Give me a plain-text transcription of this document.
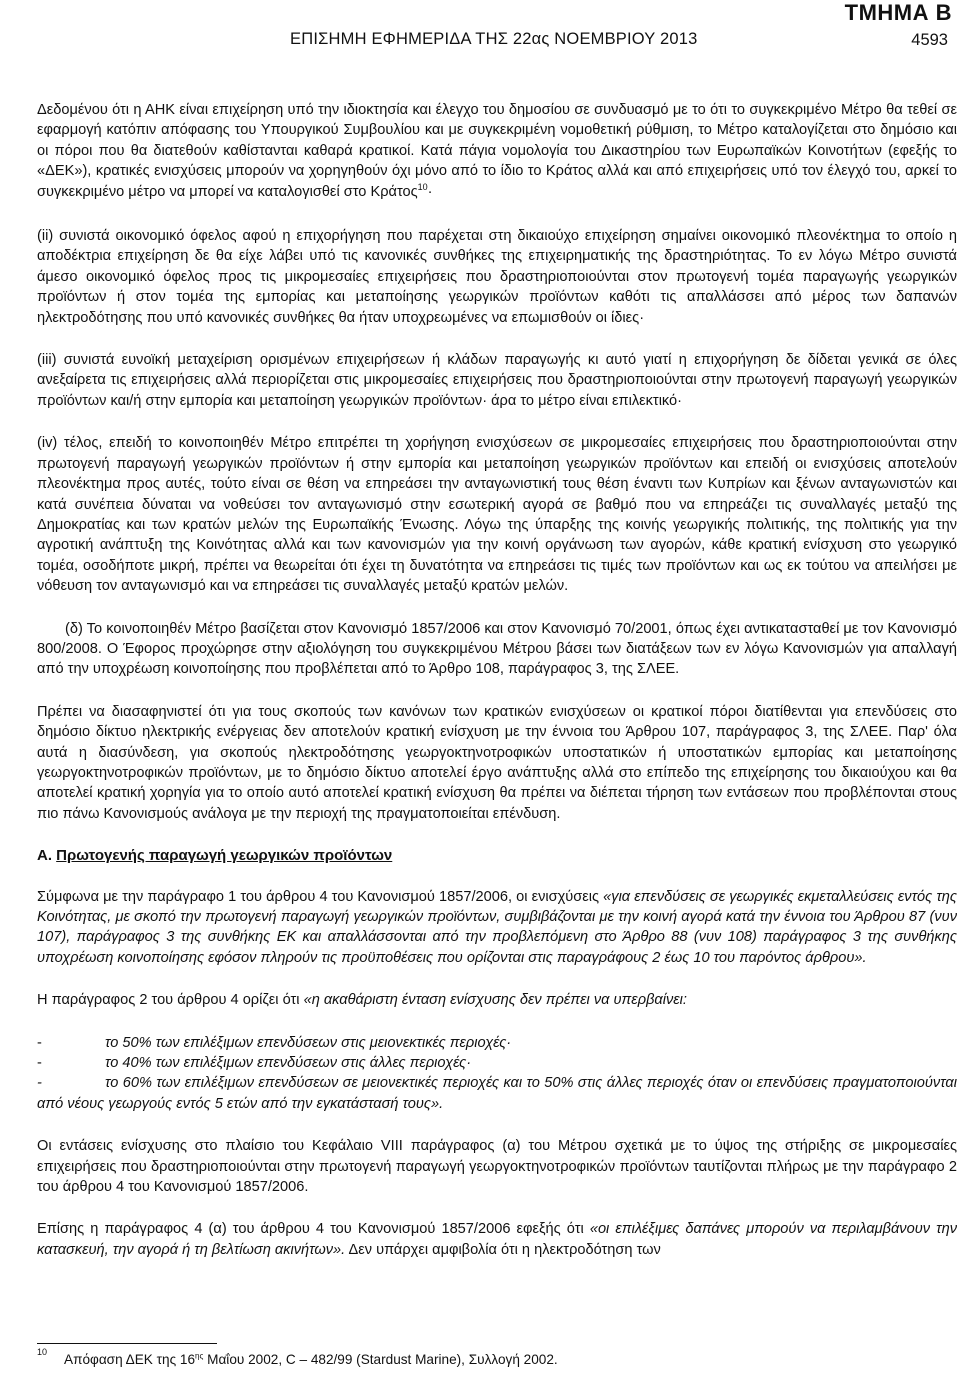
ΤΜΗΜΑ Β
ΕΠΙΣΗΜΗ ΕΦΗΜΕΡΙΔΑ ΤΗΣ 22ας ΝΟΕΜΒΡΙΟΥ 2013	4593

Δεδομένου ότι η ΑΗΚ είναι επιχείρηση υπό την ιδιοκτησία και έλεγχο του δημοσίου σε συνδυασμό με το ότι το συγκεκριμένο Μέτρο θα τεθεί σε εφαρμογή κατόπιν απόφασης του Υπουργικού Συμβουλίου και με συγκεκριμένη νομοθετική ρύθμιση, το Μέτρο καταλογίζεται στο δημόσιο και οι πόροι που θα διατεθούν καθίστανται καθαρά κρατικοί. Κατά πάγια νομολογία του Δικαστηρίου των Ευρωπαϊκών Κοινοτήτων (εφεξής το «ΔΕΚ»), κρατικές ενισχύσεις μπορούν να χορηγηθούν όχι μόνο από το ίδιο το Κράτος αλλά και από επιχειρήσεις υπό τον έλεγχό του, αρκεί το συγκεκριμένο μέτρο να μπορεί να καταλογισθεί στο Κράτος$^{10}$·

(ii) συνιστά οικονομικό όφελος αφού η επιχορήγηση που παρέχεται στη δικαιούχο επιχείρηση σημαίνει οικονομικό πλεονέκτημα το οποίο η αποδέκτρια επιχείρηση δε θα είχε λάβει υπό τις κανονικές συνθήκες της επιχειρηματικής της δραστηριότητας. Το εν λόγω Μέτρο συνιστά άμεσο οικονομικό όφελος προς τις μικρομεσαίες επιχειρήσεις που δραστηριοποιούνται στον πρωτογενή τομέα παραγωγής γεωργικών προϊόντων ή στον τομέα της εμπορίας και μεταποίησης γεωργικών προϊόντων καθότι τις απαλλάσσει από μέρος των δαπανών ηλεκτροδότησης που υπό κανονικές συνθήκες θα ήταν υποχρεωμένες να επωμισθούν οι ίδιες·

(iii) συνιστά ευνοϊκή μεταχείριση ορισμένων επιχειρήσεων ή κλάδων παραγωγής κι αυτό γιατί η επιχορήγηση δε δίδεται γενικά σε όλες ανεξαίρετα τις επιχειρήσεις αλλά περιορίζεται στις μικρομεσαίες επιχειρήσεις που δραστηριοποιούνται στην πρωτογενή παραγωγή γεωργικών προϊόντων και/ή στην εμπορία και μεταποίηση γεωργικών προϊόντων· άρα το μέτρο είναι επιλεκτικό·

(iv) τέλος, επειδή το κοινοποιηθέν Μέτρο επιτρέπει τη χορήγηση ενισχύσεων σε μικρομεσαίες επιχειρήσεις που δραστηριοποιούνται στην πρωτογενή παραγωγή γεωργικών προϊόντων ή στην εμπορία και μεταποίηση γεωργικών προϊόντων και επειδή οι ενισχύσεις αποτελούν πλεονέκτημα προς αυτές, τούτο είναι σε θέση να επηρεάσει την ανταγωνιστική τους θέση έναντι των Κυπρίων και ξένων ανταγωνιστών και κατά συνέπεια δύναται να νοθεύσει τον ανταγωνισμό στην εσωτερική αγορά σε βαθμό που να επηρεάζει τις συναλλαγές μεταξύ της Δημοκρατίας και των κρατών μελών της Ευρωπαϊκής Ένωσης. Λόγω της ύπαρξης της κοινής γεωργικής πολιτικής, της πολιτικής για την αγροτική ανάπτυξη της Κοινότητας αλλά και των κανονισμών για την κοινή οργάνωση των αγορών, κάθε κρατική ενίσχυση στο γεωργικό τομέα, οσοδήποτε μικρή, πρέπει να θεωρείται ότι έχει τη δυνατότητα να επηρεάσει τις τιμές των προϊόντων και ως εκ τούτου να απειλήσει με νόθευση τον ανταγωνισμό και να επηρεάσει τις συναλλαγές μεταξύ κρατών μελών.

(δ) Το κοινοποιηθέν Μέτρο βασίζεται στον Κανονισμό 1857/2006 και στον Κανονισμό 70/2001, όπως έχει αντικατασταθεί με τον Κανονισμό 800/2008. Ο Έφορος προχώρησε στην αξιολόγηση του συγκεκριμένου Μέτρου βάσει των διατάξεων των εν λόγω Κανονισμών για απαλλαγή από την υποχρέωση κοινοποίησης που προβλέπεται από το Άρθρο 108, παράγραφος 3, της ΣΛΕΕ.

Πρέπει να διασαφηνιστεί ότι για τους σκοπούς των κανόνων των κρατικών ενισχύσεων οι κρατικοί πόροι διατίθενται για επενδύσεις στο δημόσιο δίκτυο ηλεκτρικής ενέργειας δεν αποτελούν κρατική ενίσχυση με την έννοια του Άρθρου 107, παράγραφος 3, της ΣΛΕΕ. Παρ' όλα αυτά η διασύνδεση, για σκοπούς ηλεκτροδότησης γεωργοκτηνοτροφικών υποστατικών ή υποστατικών εμπορίας και μεταποίησης γεωργοκτηνοτροφικών προϊόντων, με το δημόσιο δίκτυο αποτελεί έργο ανάπτυξης αλλά στο επίπεδο της επιχείρησης του δικαιούχου και θα αποτελεί κρατική χορηγία για το οποίο αυτό αποτελεί κρατική ενίσχυση θα πρέπει να διέπεται τήρηση των εντάσεων που προβλέπονται στους πιο πάνω Κανονισμούς ανάλογα με την περιοχή της πραγματοποιείται επένδυση.

Α. Πρωτογενής παραγωγή γεωργικών προϊόντων

Σύμφωνα με την παράγραφο 1 του άρθρου 4 του Κανονισμού 1857/2006, οι ενισχύσεις «για επενδύσεις σε γεωργικές εκμεταλλεύσεις εντός της Κοινότητας, με σκοπό την πρωτογενή παραγωγή γεωργικών προϊόντων, συμβιβάζονται με την κοινή αγορά κατά την έννοια του Άρθρου 87 (νυν 107), παράγραφος 3 της συνθήκης ΕΚ και απαλλάσσονται από την προβλεπόμενη στο Άρθρο 88 (νυν 108) παράγραφος 3 της συνθήκης υποχρέωση κοινοποίησης εφόσον πληρούν τις προϋποθέσεις που ορίζονται στις παραγράφους 2 έως 10 του παρόντος άρθρου».

Η παράγραφος 2 του άρθρου 4 ορίζει ότι «η ακαθάριστη ένταση ενίσχυσης δεν πρέπει να υπερβαίνει:

-	το 50% των επιλέξιμων επενδύσεων στις μειονεκτικές περιοχές·

-	το 40% των επιλέξιμων επενδύσεων στις άλλες περιοχές·

-	το 60% των επιλέξιμων επενδύσεων σε μειονεκτικές περιοχές και το 50% στις άλλες περιοχές όταν οι επενδύσεις πραγματοποιούνται από νέους γεωργούς εντός 5 ετών από την εγκατάστασή τους».

Οι εντάσεις ενίσχυσης στο πλαίσιο του Κεφάλαιο VIII παράγραφος (α) του Μέτρου σχετικά με το ύψος της στήριξης σε μικρομεσαίες επιχειρήσεις που δραστηριοποιούνται στην πρωτογενή παραγωγή γεωργοκτηνοτροφικών προϊόντων ταυτίζονται πλήρως με την παράγραφο 2 του άρθρου 4 του Κανονισμού 1857/2006.

Επίσης η παράγραφος 4 (α) του άρθρου 4 του Κανονισμού 1857/2006 εφεξής ότι «οι επιλέξιμες δαπάνες μπορούν να περιλαμβάνουν την κατασκευή, την αγορά ή τη βελτίωση ακινήτων». Δεν υπάρχει αμφιβολία ότι η ηλεκτροδότηση των

10 Απόφαση ΔΕΚ της $16^{\eta\varsigma}$ Μαΐου 2002, C – 482/99 (Stardust Marine), Συλλογή 2002.
